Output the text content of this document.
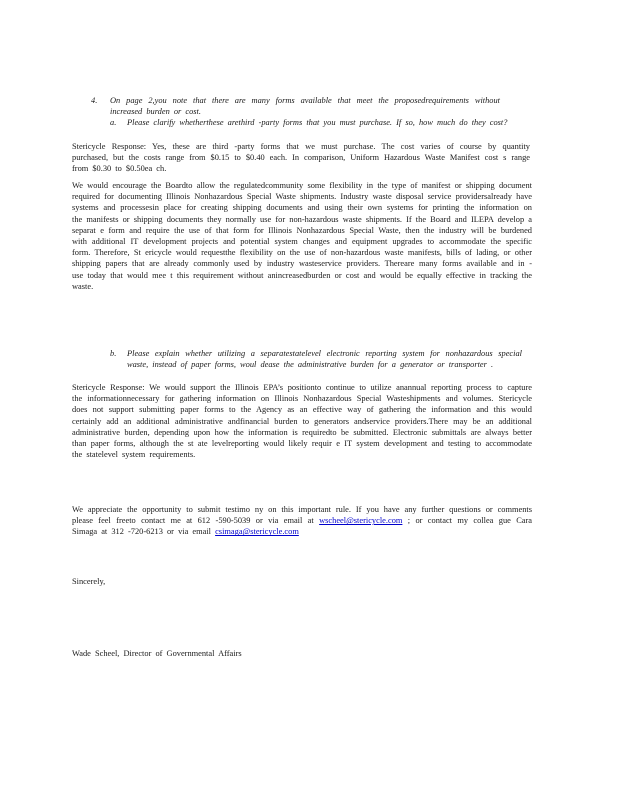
4.	On page 2,you note that there are many forms available that meet the proposedrequirements without increased burden or cost.
a.	Please clarify whetherthese arethird -party forms that you must purchase. If so, how much do they cost?
Stericycle Response: Yes, these are third -party forms that we must purchase. The cost varies of course by quantity purchased, but the costs range from $0.15 to $0.40 each. In comparison, Uniform Hazardous Waste Manifest cost s range from $0.30 to $0.50ea ch.
We would encourage the Boardto allow the regulatedcommunity some flexibility in the type of manifest or shipping document required for documenting Illinois Nonhazardous Special Waste shipments. Industry waste disposal service providersalready have systems and processesin place for creating shipping documents and using their own systems for printing the information on the manifests or shipping documents they normally use for non-hazardous waste shipments. If the Board and ILEPA develop a separat e form and require the use of that form for Illinois Nonhazardous Special Waste, then the industry will be burdened with additional IT development projects and potential system changes and equipment upgrades to accommodate the specific form. Therefore, St ericycle would requestthe flexibility on the use of non-hazardous waste manifests, bills of lading, or other shipping papers that are already commonly used by industry wasteservice providers. Thereare many forms available and in -use today that would mee t this requirement without anincreasedburden or cost and would be equally effective in tracking the waste.
b.	Please explain whether utilizing a separatestatelevel electronic reporting system for nonhazardous special waste, instead of paper forms, woul dease the administrative burden for a generator or transporter .
Stericycle Response: We would support the Illinois EPA’s positionto continue to utilize anannual reporting process to capture the informationnecessary for gathering information on Illinois Nonhazardous Special Wasteshipments and volumes. Stericycle does not support submitting paper forms to the Agency as an effective way of gathering the information and this would certainly add an additional administrative andfinancial burden to generators andservice providers.There may be an additional administrative burden, depending upon how the information is requiredto be submitted. Electronic submittals are always better than paper forms, although the st ate levelreporting would likely requir e IT system development and testing to accommodate the statelevel system requirements.
We appreciate the opportunity to submit testimo ny on this important rule. If you have any further questions or comments please feel freeto contact me at 612 -590-5039 or via email at wscheel@stericycle.com ; or contact my collea gue Cara Simaga at 312 -720-6213 or via email csimaga@stericycle.com
Sincerely,
Wade Scheel, Director of Governmental Affairs
